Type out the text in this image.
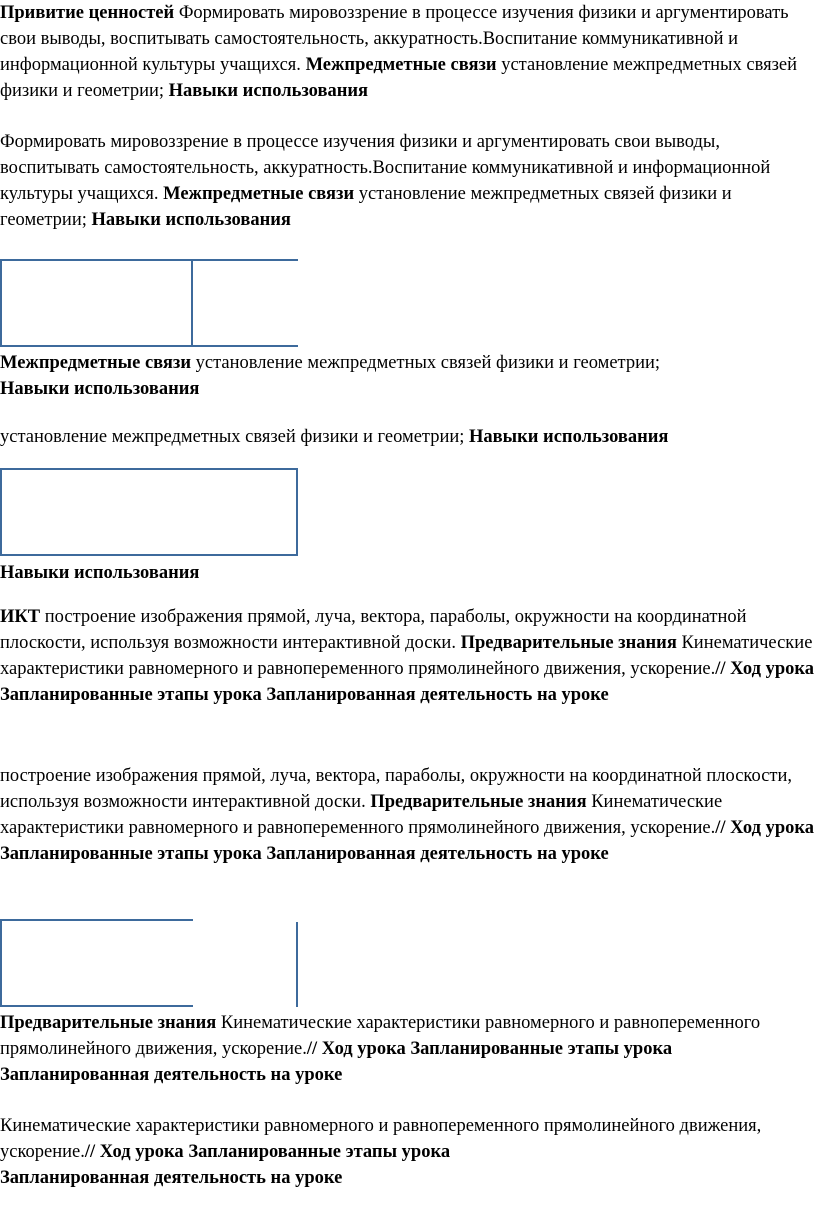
Привитие ценностей Формировать мировоззрение в процессе изучения физики и аргументировать свои выводы, воспитывать самостоятельность, аккуратность.Воспитание коммуникативной и информационной культуры учащихся. Межпредметные связи установление межпредметных связей физики и геометрии; Навыки использования

Формировать мировоззрение в процессе изучения физики и аргументировать свои выводы, воспитывать самостоятельность, аккуратность.Воспитание коммуникативной и информационной культуры учащихся. Межпредметные связи установление межпредметных связей физики и геометрии; Навыки использования

Межпредметные связи установление межпредметных связей физики и геометрии;
Навыки использования

установление межпредметных связей физики и геометрии; Навыки использования

Навыки использования

ИКТ построение изображения прямой, луча, вектора, параболы, окружности на координатной плоскости, используя возможности интерактивной доски. Предварительные знания Кинематические характеристики равномерного и равнопеременного прямолинейного движения, ускорение.// Ход урока Запланированные этапы урока Запланированная деятельность на уроке

построение изображения прямой, луча, вектора, параболы, окружности на координатной плоскости, используя возможности интерактивной доски. Предварительные знания Кинематические характеристики равномерного и равнопеременного прямолинейного движения, ускорение.// Ход урока Запланированные этапы урока Запланированная деятельность на уроке

Предварительные знания Кинематические характеристики равномерного и равнопеременного прямолинейного движения, ускорение.// Ход урока Запланированные этапы урока Запланированная деятельность на уроке

Кинематические характеристики равномерного и равнопеременного прямолинейного движения, ускорение.// Ход урока Запланированные этапы урока
Запланированная деятельность на уроке
